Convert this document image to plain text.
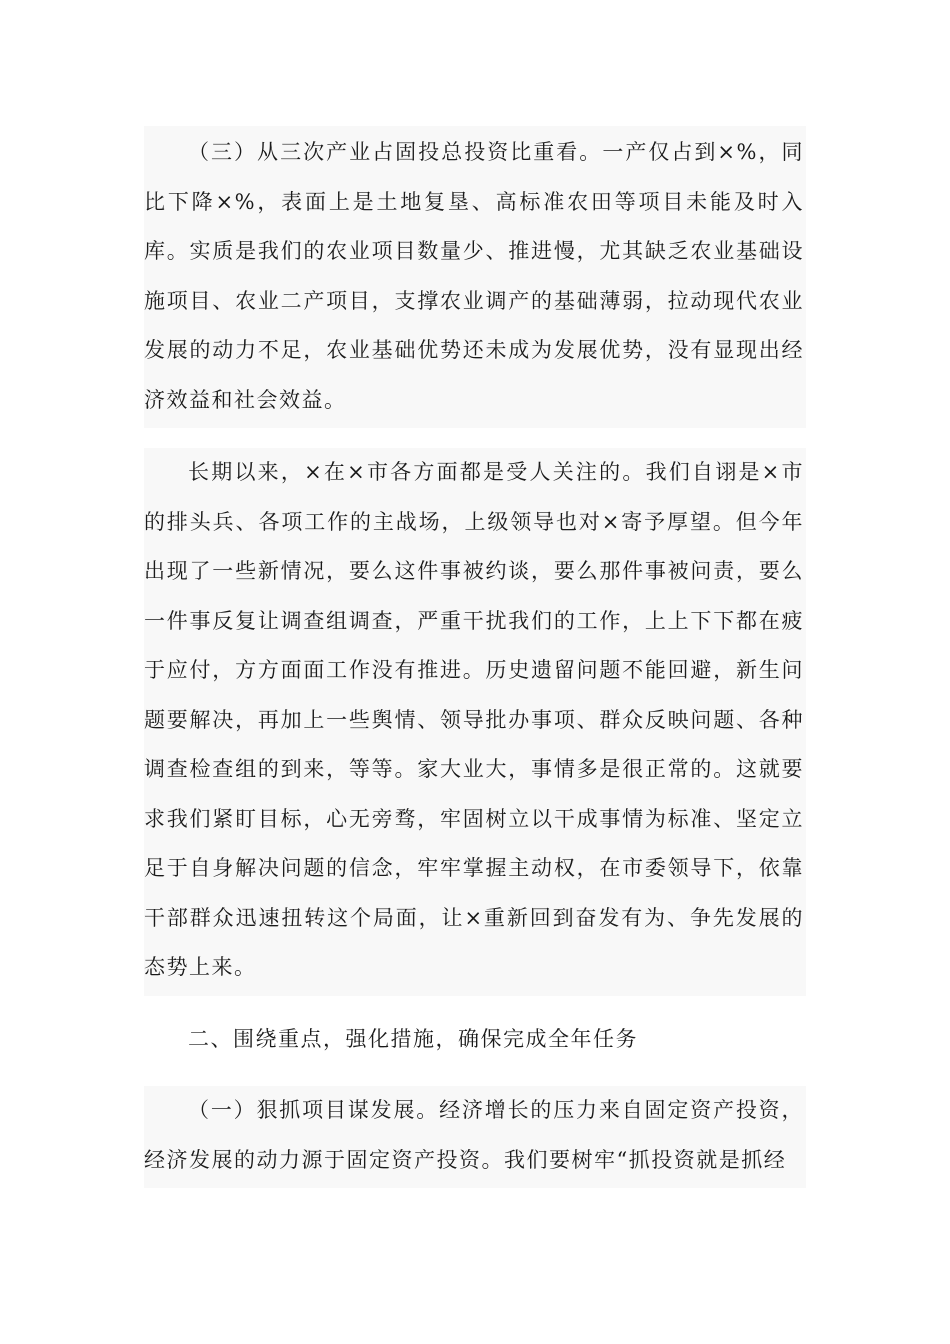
（三）从三次产业占固投总投资比重看。一产仅占到×%，同比下降×%，表面上是土地复垦、高标准农田等项目未能及时入库。实质是我们的农业项目数量少、推进慢，尤其缺乏农业基础设施项目、农业二产项目，支撑农业调产的基础薄弱，拉动现代农业发展的动力不足，农业基础优势还未成为发展优势，没有显现出经济效益和社会效益。

长期以来，×在×市各方面都是受人关注的。我们自诩是×市的排头兵、各项工作的主战场，上级领导也对×寄予厚望。但今年出现了一些新情况，要么这件事被约谈，要么那件事被问责，要么一件事反复让调查组调查，严重干扰我们的工作，上上下下都在疲于应付，方方面面工作没有推进。历史遗留问题不能回避，新生问题要解决，再加上一些舆情、领导批办事项、群众反映问题、各种调查检查组的到来，等等。家大业大，事情多是很正常的。这就要求我们紧盯目标，心无旁骛，牢固树立以干成事情为标准、坚定立足于自身解决问题的信念，牢牢掌握主动权，在市委领导下，依靠干部群众迅速扭转这个局面，让×重新回到奋发有为、争先发展的态势上来。

二、围绕重点，强化措施，确保完成全年任务

（一）狠抓项目谋发展。经济增长的压力来自固定资产投资，经济发展的动力源于固定资产投资。我们要树牢“抓投资就是抓经
